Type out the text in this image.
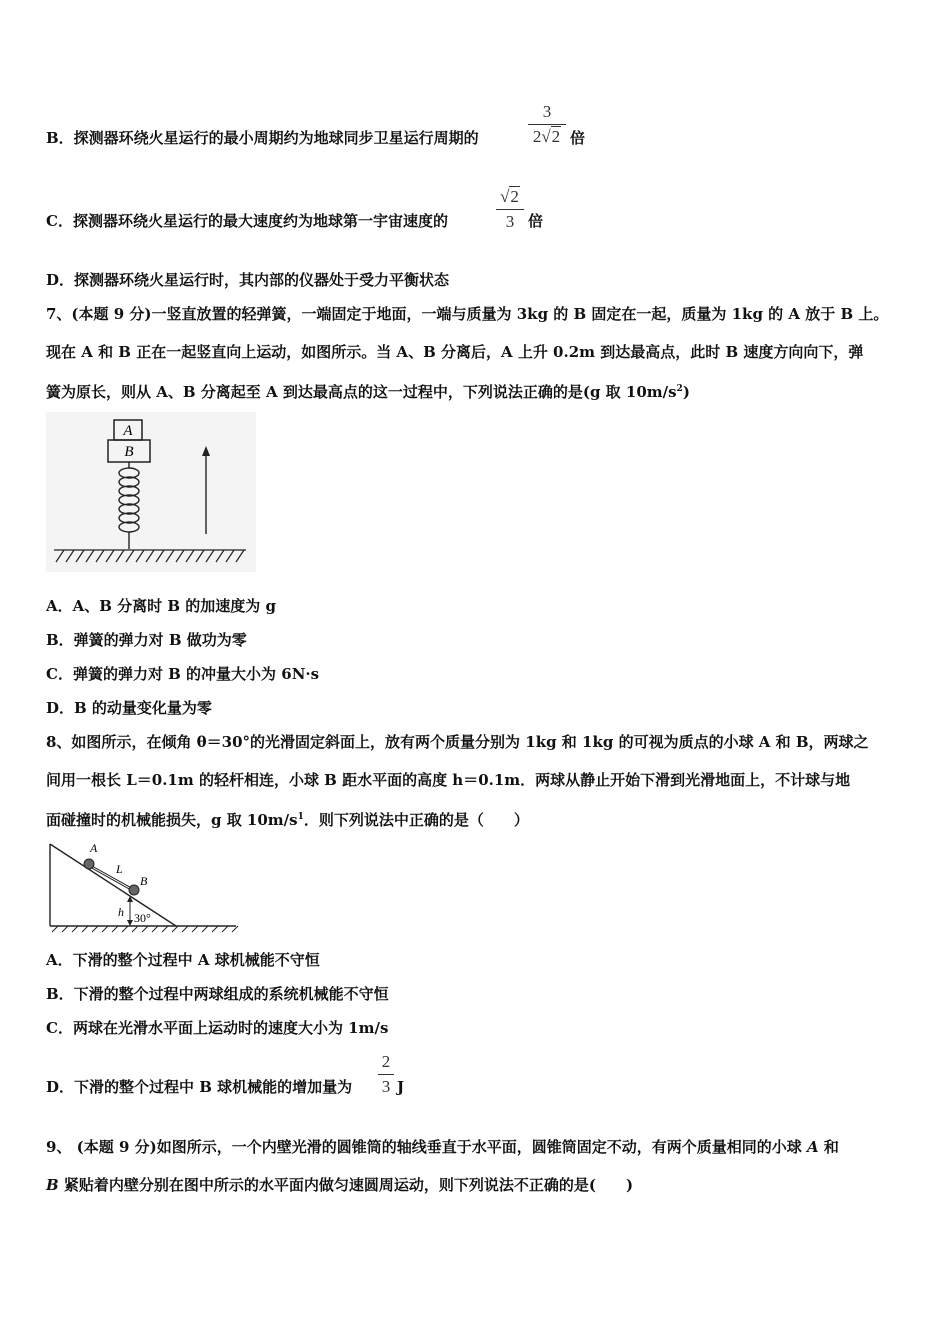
B．探测器环绕火星运行的最小周期约为地球同步卫星运行周期的
3
2√2 倍
C．探测器环绕火星运行的最大速度约为地球第一宇宙速度的
√2
3 倍
D．探测器环绕火星运行时，其内部的仪器处于受力平衡状态
7、(本题 9 分)一竖直放置的轻弹簧，一端固定于地面，一端与质量为 3kg 的 B 固定在一起，质量为 1kg 的 A 放于 B 上。
现在 A 和 B 正在一起竖直向上运动，如图所示。当 A、B 分离后，A 上升 0.2m 到达最高点，此时 B 速度方向向下，弹
簧为原长，则从 A、B 分离起至 A 到达最高点的这一过程中，下列说法正确的是(g 取 $10m/s^2$)
A
B
A．A、B 分离时 B 的加速度为 g
B．弹簧的弹力对 B 做功为零
C．弹簧的弹力对 B 的冲量大小为 6N·s
D．B 的动量变化量为零
8、如图所示，在倾角 θ＝30°的光滑固定斜面上，放有两个质量分别为 1kg 和 1kg 的可视为质点的小球 A 和 B，两球之
间用一根长 L＝0.1m 的轻杆相连，小球 B 距水平面的高度 h＝0.1m．两球从静止开始下滑到光滑地面上，不计球与地
面碰撞时的机械能损失，g 取 $10m/s^1$．则下列说法中正确的是（　　）
A
L
B
h 30°
A．下滑的整个过程中 A 球机械能不守恒
B．下滑的整个过程中两球组成的系统机械能不守恒
C．两球在光滑水平面上运动时的速度大小为 1m/s
D．下滑的整个过程中 B 球机械能的增加量为
2
3 J
9、 (本题 9 分)如图所示，一个内壁光滑的圆锥筒的轴线垂直于水平面，圆锥筒固定不动，有两个质量相同的小球 A 和
B 紧贴着内壁分别在图中所示的水平面内做匀速圆周运动，则下列说法不正确的是(　　)
